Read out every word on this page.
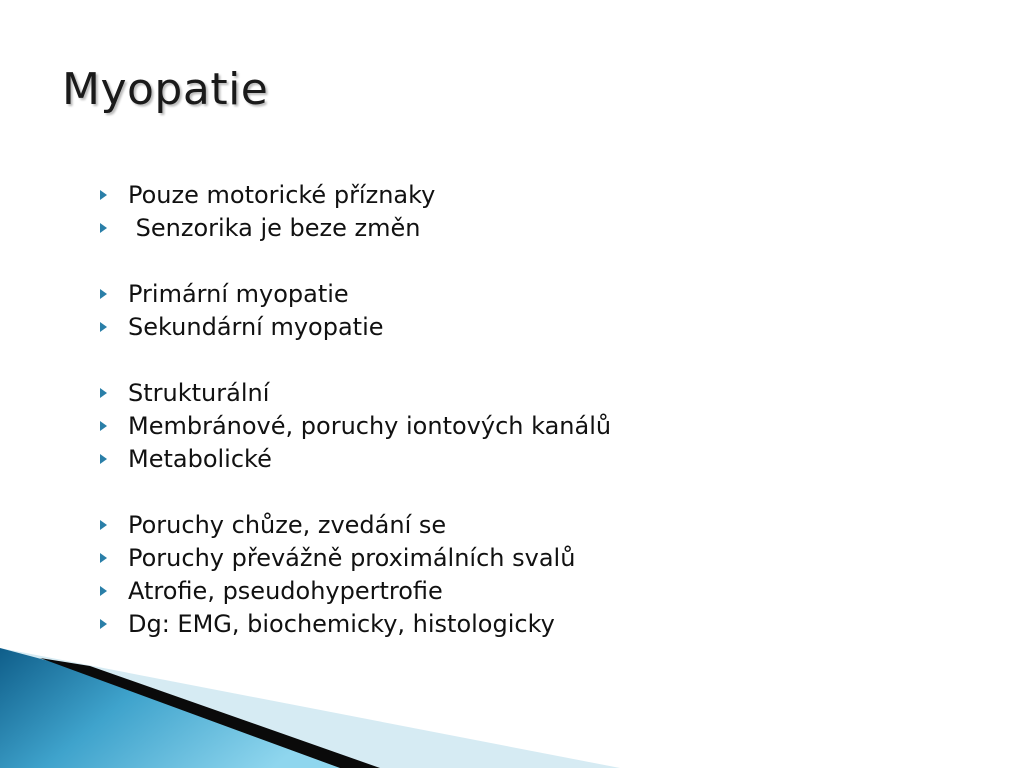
Myopatie
Pouze motorické příznaky
Senzorika je beze změn
Primární myopatie
Sekundární myopatie
Strukturální
Membránové, poruchy iontových kanálů
Metabolické
Poruchy chůze, zvedání se
Poruchy převážně proximálních svalů
Atrofie, pseudohypertrofie
Dg: EMG, biochemicky, histologicky
